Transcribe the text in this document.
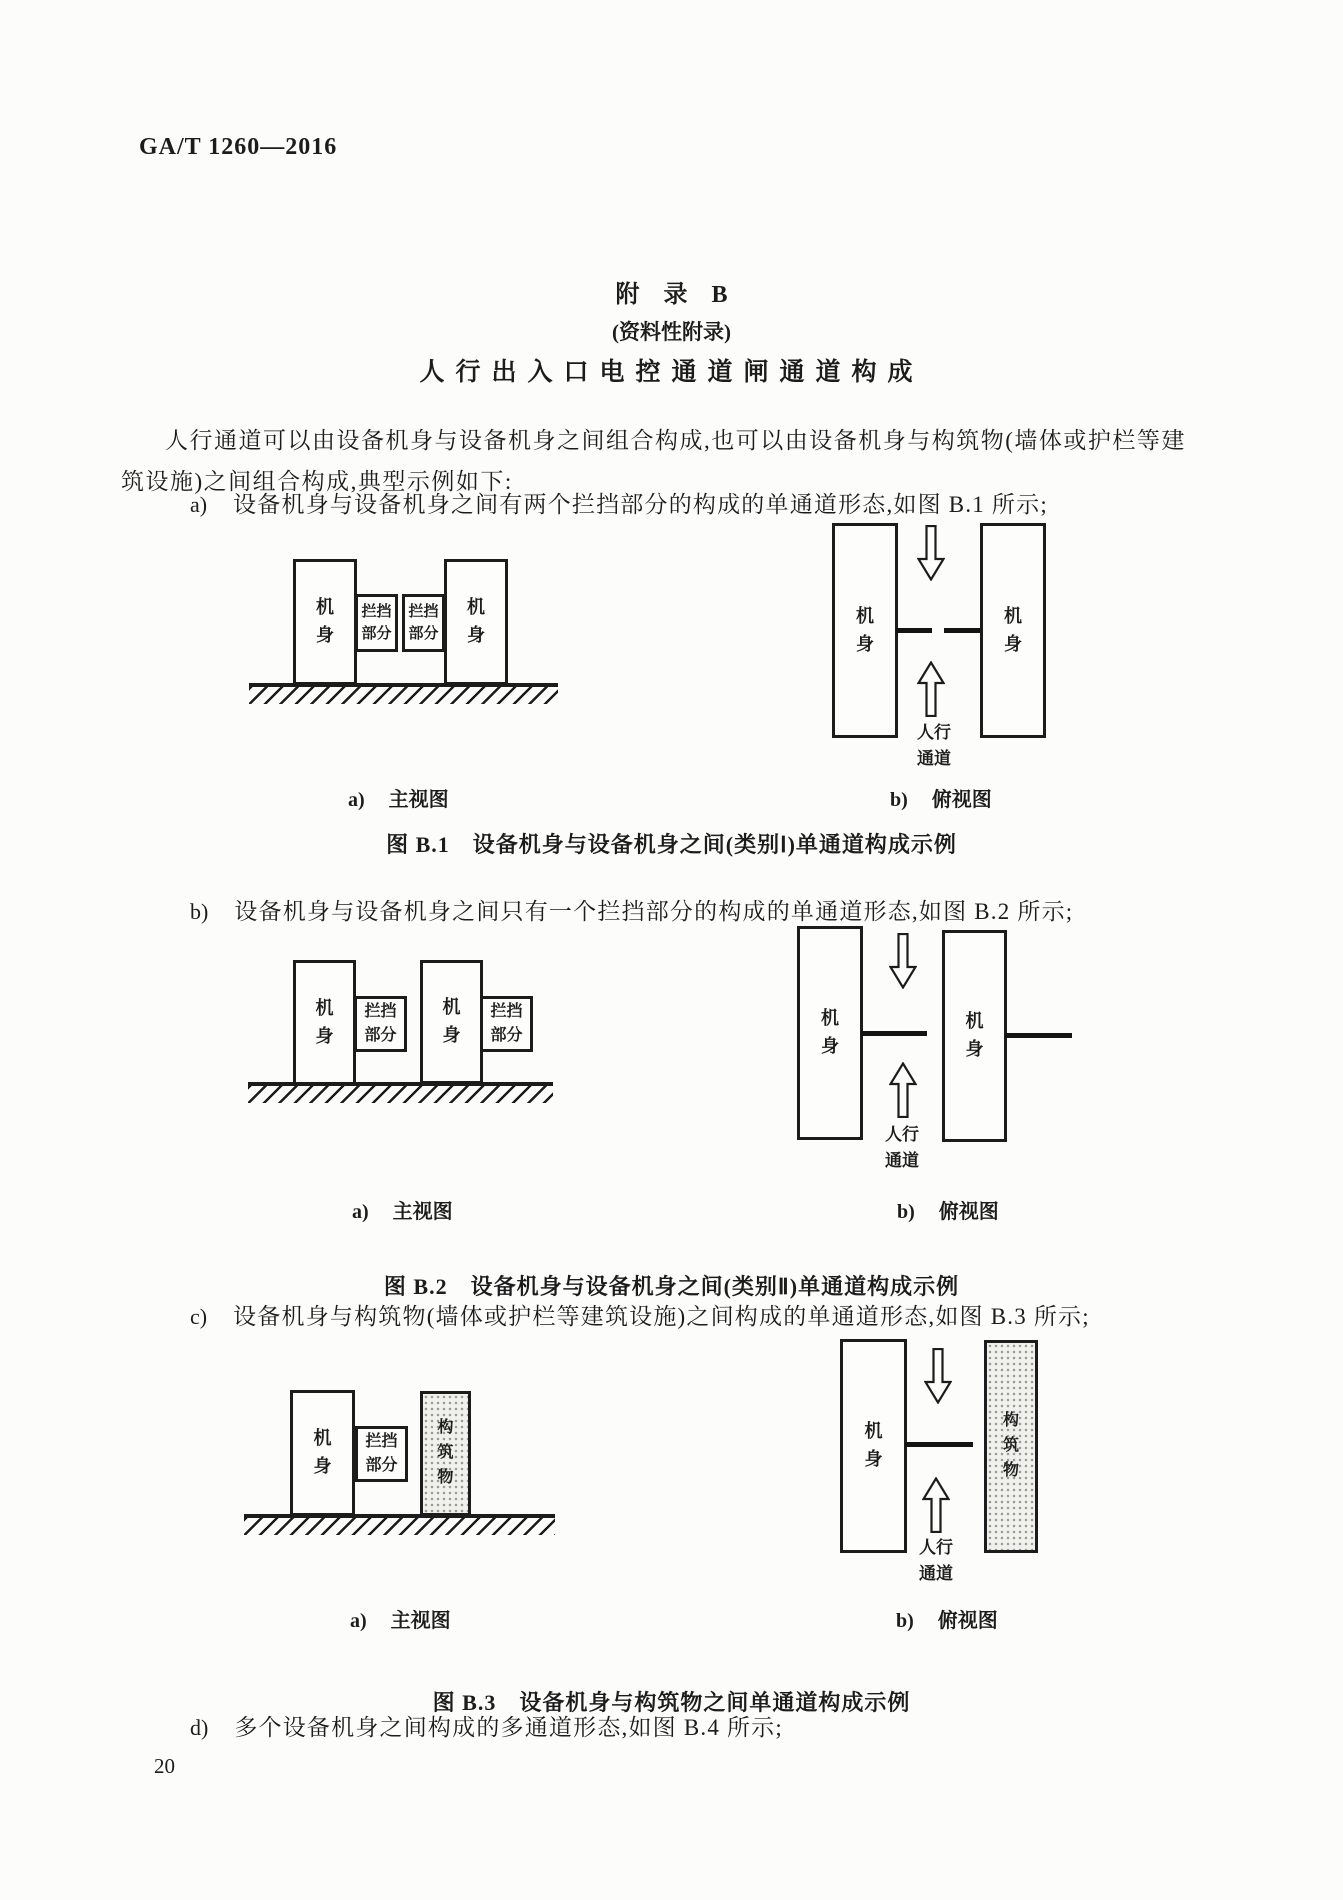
GA/T 1260—2016
附　录　B
(资料性附录)
人行出入口电控通道闸通道构成
人行通道可以由设备机身与设备机身之间组合构成,也可以由设备机身与构筑物(墙体或护栏等建
筑设施)之间组合构成,典型示例如下:
a) 设备机身与设备机身之间有两个拦挡部分的构成的单通道形态,如图 B.1 所示;
机身
拦挡部分
拦挡部分
机身
机身
机身
人行通道
a) 主视图	b) 俯视图
图 B.1　设备机身与设备机身之间(类别Ⅰ)单通道构成示例
b) 设备机身与设备机身之间只有一个拦挡部分的构成的单通道形态,如图 B.2 所示;
机身
拦挡部分
机身
拦挡部分
机身
机身
人行通道
a) 主视图	b) 俯视图
图 B.2　设备机身与设备机身之间(类别Ⅱ)单通道构成示例
c) 设备机身与构筑物(墙体或护栏等建筑设施)之间构成的单通道形态,如图 B.3 所示;
机身
拦挡部分
构筑物
机身
构筑物
人行通道
a) 主视图	b) 俯视图
图 B.3　设备机身与构筑物之间单通道构成示例
d) 多个设备机身之间构成的多通道形态,如图 B.4 所示;
20
